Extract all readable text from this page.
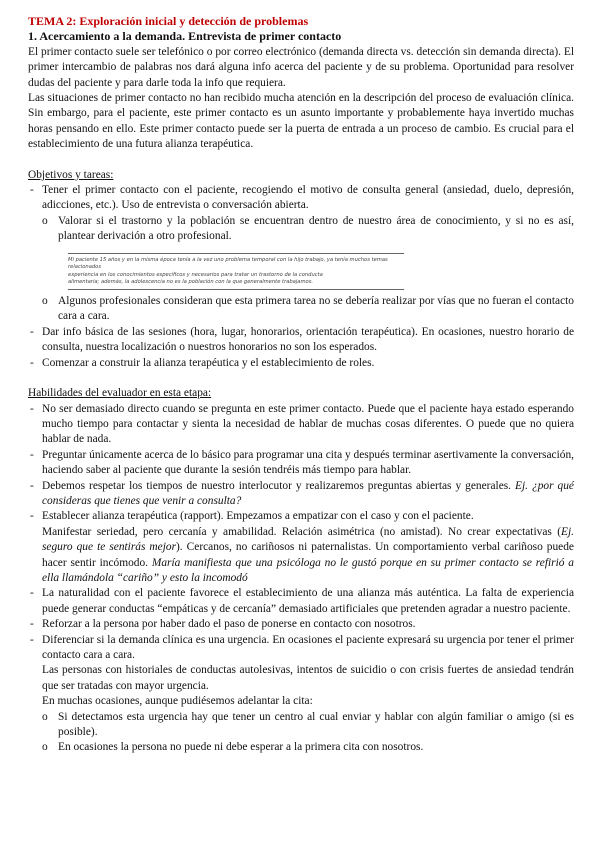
TEMA 2: Exploración inicial y detección de problemas

1. Acercamiento a la demanda. Entrevista de primer contacto

El primer contacto suele ser telefónico o por correo electrónico (demanda directa vs. detección sin demanda directa). El primer intercambio de palabras nos dará alguna info acerca del paciente y de su problema. Oportunidad para resolver dudas del paciente y para darle toda la info que requiera.

Las situaciones de primer contacto no han recibido mucha atención en la descripción del proceso de evaluación clínica. Sin embargo, para el paciente, este primer contacto es un asunto importante y probablemente haya invertido muchas horas pensando en ello. Este primer contacto puede ser la puerta de entrada a un proceso de cambio. Es crucial para el establecimiento de una futura alianza terapéutica.

Objetivos y tareas:

- Tener el primer contacto con el paciente, recogiendo el motivo de consulta general (ansiedad, duelo, depresión, adicciones, etc.). Uso de entrevista o conversación abierta.
o Valorar si el trastorno y la población se encuentran dentro de nuestro área de conocimiento, y si no es así, plantear derivación a otro profesional.
Mi paciente 15 años y en la misma época tenía a la vez uno problema temporal con la hijo trabajo, ya tenía muchos temas relacionados
experiencia en los conocimientos específicos y necesarios para tratar un trastorno de la conducta
alimentaria; además, la adolescencia no es la población con la que generalmente trabajamos.
o Algunos profesionales consideran que esta primera tarea no se debería realizar por vías que no fueran el contacto cara a cara.
- Dar info básica de las sesiones (hora, lugar, honorarios, orientación terapéutica). En ocasiones, nuestro horario de consulta, nuestra localización o nuestros honorarios no son los esperados.
- Comenzar a construir la alianza terapéutica y el establecimiento de roles.

Habilidades del evaluador en esta etapa:

- No ser demasiado directo cuando se pregunta en este primer contacto. Puede que el paciente haya estado esperando mucho tiempo para contactar y sienta la necesidad de hablar de muchas cosas diferentes. O puede que no quiera hablar de nada.
- Preguntar únicamente acerca de lo básico para programar una cita y después terminar asertivamente la conversación, haciendo saber al paciente que durante la sesión tendréis más tiempo para hablar.
- Debemos respetar los tiempos de nuestro interlocutor y realizaremos preguntas abiertas y generales. Ej. ¿por qué consideras que tienes que venir a consulta?
- Establecer alianza terapéutica (rapport). Empezamos a empatizar con el caso y con el paciente.
Manifestar seriedad, pero cercanía y amabilidad. Relación asimétrica (no amistad). No crear expectativas (Ej. seguro que te sentirás mejor). Cercanos, no cariñosos ni paternalistas. Un comportamiento verbal cariñoso puede hacer sentir incómodo. María manifiesta que una psicóloga no le gustó porque en su primer contacto se refirió a ella llamándola “cariño” y esto la incomodó
- La naturalidad con el paciente favorece el establecimiento de una alianza más auténtica. La falta de experiencia puede generar conductas “empáticas y de cercanía” demasiado artificiales que pretenden agradar a nuestro paciente.
- Reforzar a la persona por haber dado el paso de ponerse en contacto con nosotros.
- Diferenciar si la demanda clínica es una urgencia. En ocasiones el paciente expresará su urgencia por tener el primer contacto cara a cara.
Las personas con historiales de conductas autolesivas, intentos de suicidio o con crisis fuertes de ansiedad tendrán que ser tratadas con mayor urgencia.
En muchas ocasiones, aunque pudiésemos adelantar la cita:
o Si detectamos esta urgencia hay que tener un centro al cual enviar y hablar con algún familiar o amigo (si es posible).
o En ocasiones la persona no puede ni debe esperar a la primera cita con nosotros.
